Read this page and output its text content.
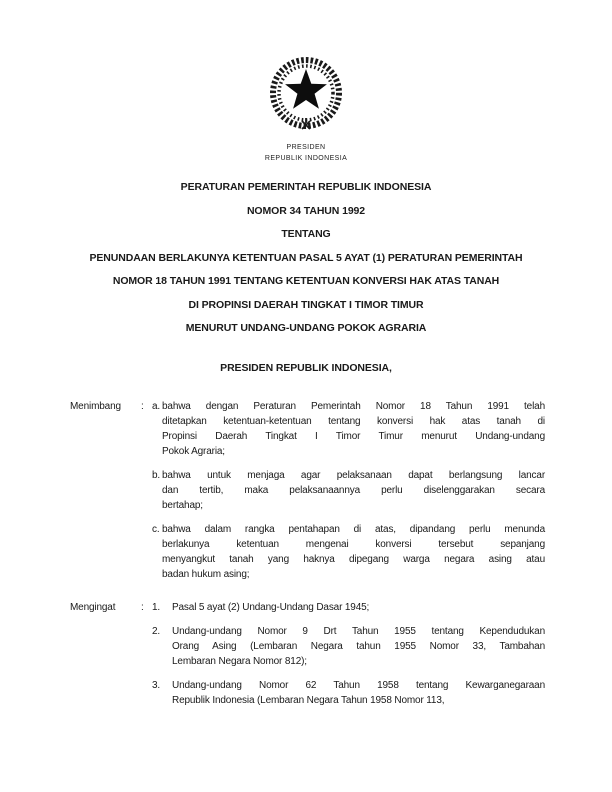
PRESIDEN
REPUBLIK INDONESIA
PERATURAN PEMERINTAH REPUBLIK INDONESIA
NOMOR 34 TAHUN 1992
TENTANG
PENUNDAAN BERLAKUNYA KETENTUAN PASAL 5 AYAT (1) PERATURAN PEMERINTAH
NOMOR 18 TAHUN 1991 TENTANG KETENTUAN KONVERSI HAK ATAS TANAH
DI PROPINSI DAERAH TINGKAT I TIMOR TIMUR
MENURUT UNDANG-UNDANG POKOK AGRARIA
PRESIDEN REPUBLIK INDONESIA,
Menimbang	: a. bahwa dengan Peraturan Pemerintah Nomor 18 Tahun 1991 telah
ditetapkan ketentuan-ketentuan tentang konversi hak atas tanah di
Propinsi Daerah Tingkat I Timor Timur menurut Undang-undang
Pokok Agraria;
b. bahwa untuk menjaga agar pelaksanaan dapat berlangsung lancar
dan tertib, maka pelaksanaannya perlu diselenggarakan secara
bertahap;
c. bahwa dalam rangka pentahapan di atas, dipandang perlu menunda
berlakunya ketentuan mengenai konversi tersebut sepanjang
menyangkut tanah yang haknya dipegang warga negara asing atau
badan hukum asing;
Mengingat	: 1.	Pasal 5 ayat (2) Undang-Undang Dasar 1945;
2.	Undang-undang Nomor 9 Drt Tahun 1955 tentang Kependudukan
Orang Asing (Lembaran Negara tahun 1955 Nomor 33, Tambahan
Lembaran Negara Nomor 812);
3.	Undang-undang Nomor 62 Tahun 1958 tentang Kewarganegaraan
Republik Indonesia (Lembaran Negara Tahun 1958 Nomor 113,
